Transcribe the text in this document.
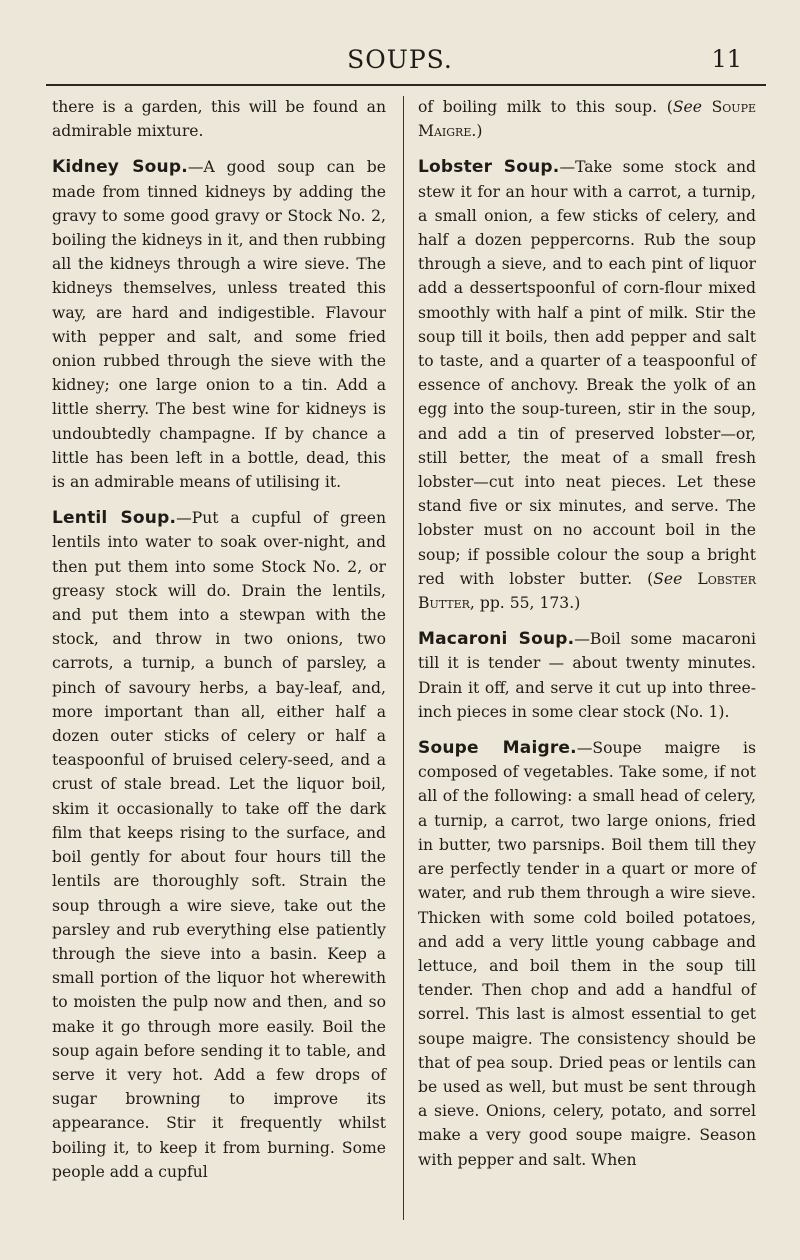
SOUPS.	11

there is a garden, this will be found an admirable mixture.

Kidney Soup.—A good soup can be made from tinned kidneys by adding the gravy to some good gravy or Stock No. 2, boiling the kidneys in it, and then rubbing all the kidneys through a wire sieve. The kidneys themselves, unless treated this way, are hard and indigestible. Flavour with pepper and salt, and some fried onion rubbed through the sieve with the kidney; one large onion to a tin. Add a little sherry. The best wine for kidneys is undoubtedly champagne. If by chance a little has been left in a bottle, dead, this is an admirable means of utilising it.

Lentil Soup.—Put a cupful of green lentils into water to soak over-night, and then put them into some Stock No. 2, or greasy stock will do. Drain the lentils, and put them into a stewpan with the stock, and throw in two onions, two carrots, a turnip, a bunch of parsley, a pinch of savoury herbs, a bay-leaf, and, more important than all, either half a dozen outer sticks of celery or half a teaspoonful of bruised celery-seed, and a crust of stale bread. Let the liquor boil, skim it occasionally to take off the dark film that keeps rising to the surface, and boil gently for about four hours till the lentils are thoroughly soft. Strain the soup through a wire sieve, take out the parsley and rub everything else patiently through the sieve into a basin. Keep a small portion of the liquor hot wherewith to moisten the pulp now and then, and so make it go through more easily. Boil the soup again before sending it to table, and serve it very hot. Add a few drops of sugar browning to improve its appearance. Stir it frequently whilst boiling it, to keep it from burning. Some people add a cupful

of boiling milk to this soup. (See Soupe Maigre.)

Lobster Soup.—Take some stock and stew it for an hour with a carrot, a turnip, a small onion, a few sticks of celery, and half a dozen peppercorns. Rub the soup through a sieve, and to each pint of liquor add a dessertspoonful of corn-flour mixed smoothly with half a pint of milk. Stir the soup till it boils, then add pepper and salt to taste, and a quarter of a teaspoonful of essence of anchovy. Break the yolk of an egg into the soup-tureen, stir in the soup, and add a tin of preserved lobster—or, still better, the meat of a small fresh lobster—cut into neat pieces. Let these stand five or six minutes, and serve. The lobster must on no account boil in the soup; if possible colour the soup a bright red with lobster butter. (See Lobster Butter, pp. 55, 173.)

Macaroni Soup.—Boil some macaroni till it is tender — about twenty minutes. Drain it off, and serve it cut up into three-inch pieces in some clear stock (No. 1).

Soupe Maigre.—Soupe maigre is composed of vegetables. Take some, if not all of the following: a small head of celery, a turnip, a carrot, two large onions, fried in butter, two parsnips. Boil them till they are perfectly tender in a quart or more of water, and rub them through a wire sieve. Thicken with some cold boiled potatoes, and add a very little young cabbage and lettuce, and boil them in the soup till tender. Then chop and add a handful of sorrel. This last is almost essential to get soupe maigre. The consistency should be that of pea soup. Dried peas or lentils can be used as well, but must be sent through a sieve. Onions, celery, potato, and sorrel make a very good soupe maigre. Season with pepper and salt. When
